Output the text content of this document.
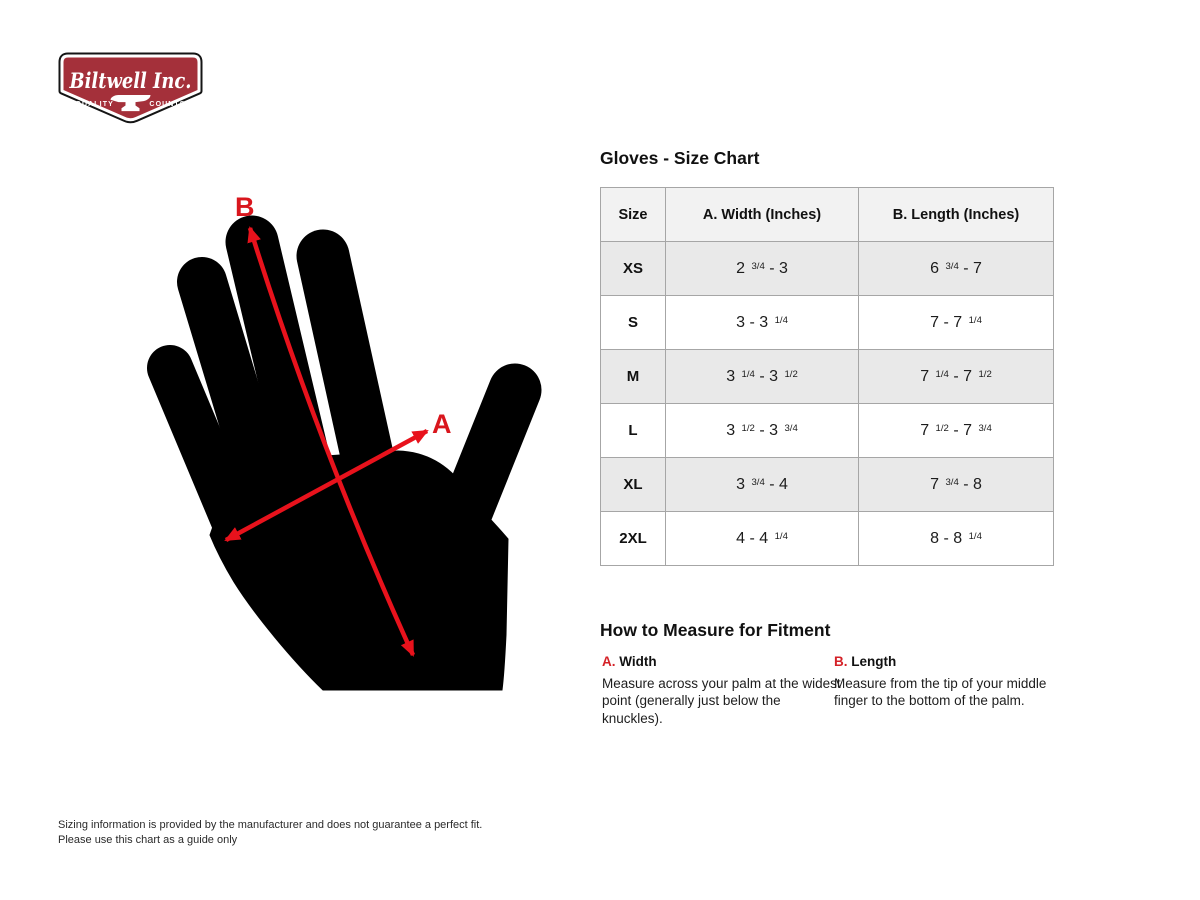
Biltwell Inc.
"QUALITY	COUNTS"
B
A
Gloves - Size Chart
Size	A. Width (Inches)	B. Length (Inches)
XS	2 3/4 - 3	6 3/4 - 7
S	3 - 3 1/4	7 - 7 1/4
M	3 1/4 - 3 1/2	7 1/4 - 7 1/2
L	3 1/2 - 3 3/4	7 1/2 - 7 3/4
XL	3 3/4 - 4	7 3/4 - 8
2XL	4 - 4 1/4	8 - 8 1/4
How to Measure for Fitment
A. Width
Measure across your palm at the widest point (generally just below the knuckles).
B. Length
Measure from the tip of your middle finger to the bottom of the palm.
Sizing information is provided by the manufacturer and does not guarantee a perfect fit.
Please use this chart as a guide only
